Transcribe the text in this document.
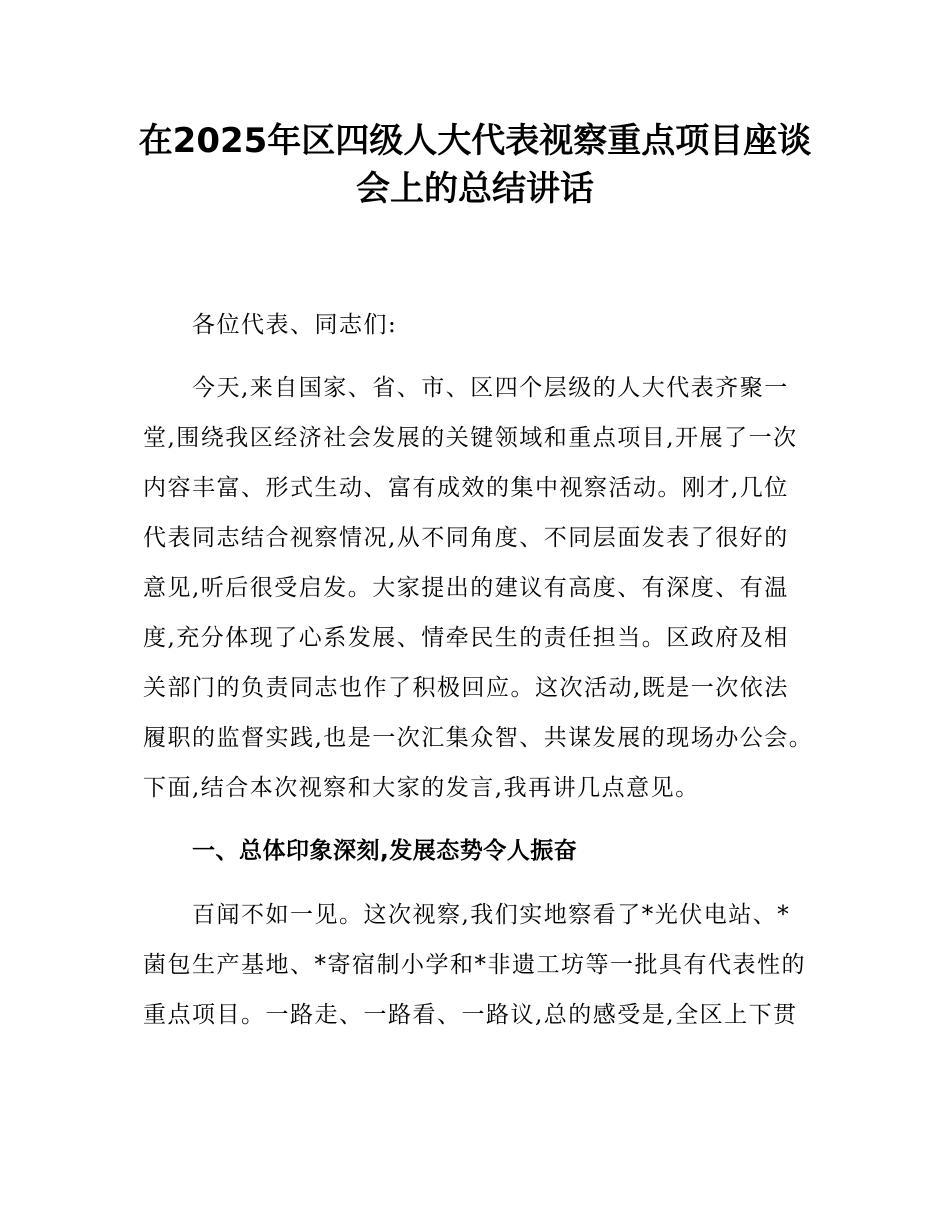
在2025年区四级人大代表视察重点项目座谈
会上的总结讲话
各位代表、同志们:
今天,来自国家、省、市、区四个层级的人大代表齐聚一
堂,围绕我区经济社会发展的关键领域和重点项目,开展了一次
内容丰富、形式生动、富有成效的集中视察活动。刚才,几位
代表同志结合视察情况,从不同角度、不同层面发表了很好的
意见,听后很受启发。大家提出的建议有高度、有深度、有温
度,充分体现了心系发展、情牵民生的责任担当。区政府及相
关部门的负责同志也作了积极回应。这次活动,既是一次依法
履职的监督实践,也是一次汇集众智、共谋发展的现场办公会。
下面,结合本次视察和大家的发言,我再讲几点意见。
一、总体印象深刻,发展态势令人振奋
百闻不如一见。这次视察,我们实地察看了*光伏电站、*
菌包生产基地、*寄宿制小学和*非遗工坊等一批具有代表性的
重点项目。一路走、一路看、一路议,总的感受是,全区上下贯
